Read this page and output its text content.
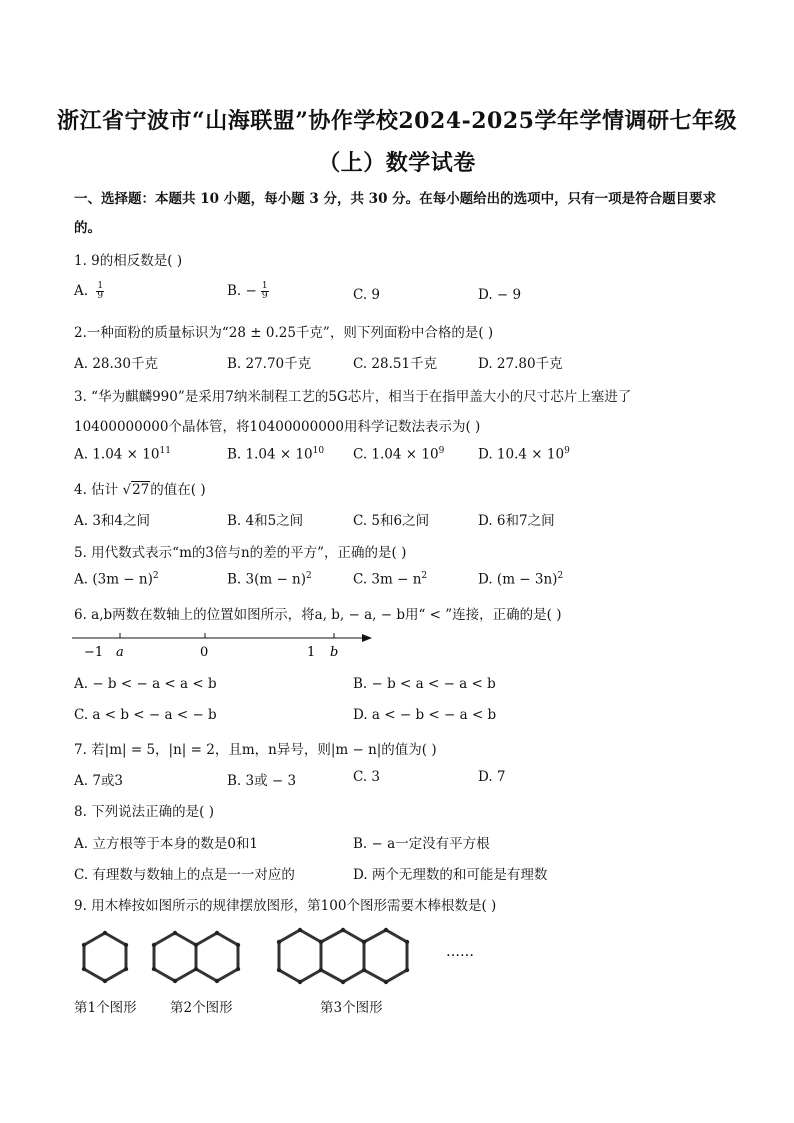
浙江省宁波市“山海联盟”协作学校2024-2025学年学情调研七年级
（上）数学试卷
一、选择题：本题共 10 小题，每小题 3 分，共 30 分。在每小题给出的选项中，只有一项是符合题目要求
的。
1. 9的相反数是( )
A. $\frac{1}{9}$	B. − $\frac{1}{9}$	C. 9	D. − 9
2.一种面粉的质量标识为“28 ± 0.25千克”，则下列面粉中合格的是( )
A. 28.30千克	B. 27.70千克	C. 28.51千克	D. 27.80千克
3. “华为麒麟990”是采用7纳米制程工艺的5G芯片，相当于在指甲盖大小的尺寸芯片上塞进了
10400000000个晶体管，将10400000000用科学记数法表示为( )
A. $1.04 \times 10^{11}$	B. $1.04 \times 10^{10}$ C. $1.04 \times 10^9$ D. $10.4 \times 10^9$
4. 估计 √27的值在( )
A. 3和4之间	B. 4和5之间	C. 5和6之间	D. 6和7之间
5. 用代数式表示“m的3倍与n的差的平方”，正确的是( )
A. $(3m - n)^2$	B. $3(m - n)^2$	C. $3m - n^2$	D. $(m - 3n)^2$
6. a,b两数在数轴上的位置如图所示，将a, b, − a, − b用“ < ”连接，正确的是( )
−1 a	0	1 b
A. − b < − a < a < b	B. − b < a < − a < b
C. a < b < − a < − b	D. a < − b < − a < b
7. 若|m| = 5，|n| = 2，且m，n异号，则|m − n|的值为( )
A. 7或3	B. 3或 − 3	C. 3	D. 7
8. 下列说法正确的是( )
A. 立方根等于本身的数是0和1	B. − a一定没有平方根
C. 有理数与数轴上的点是一一对应的	D. 两个无理数的和可能是有理数
9. 用木棒按如图所示的规律摆放图形，第100个图形需要木棒根数是( )
……
第1个图形 第2个图形	第3个图形
